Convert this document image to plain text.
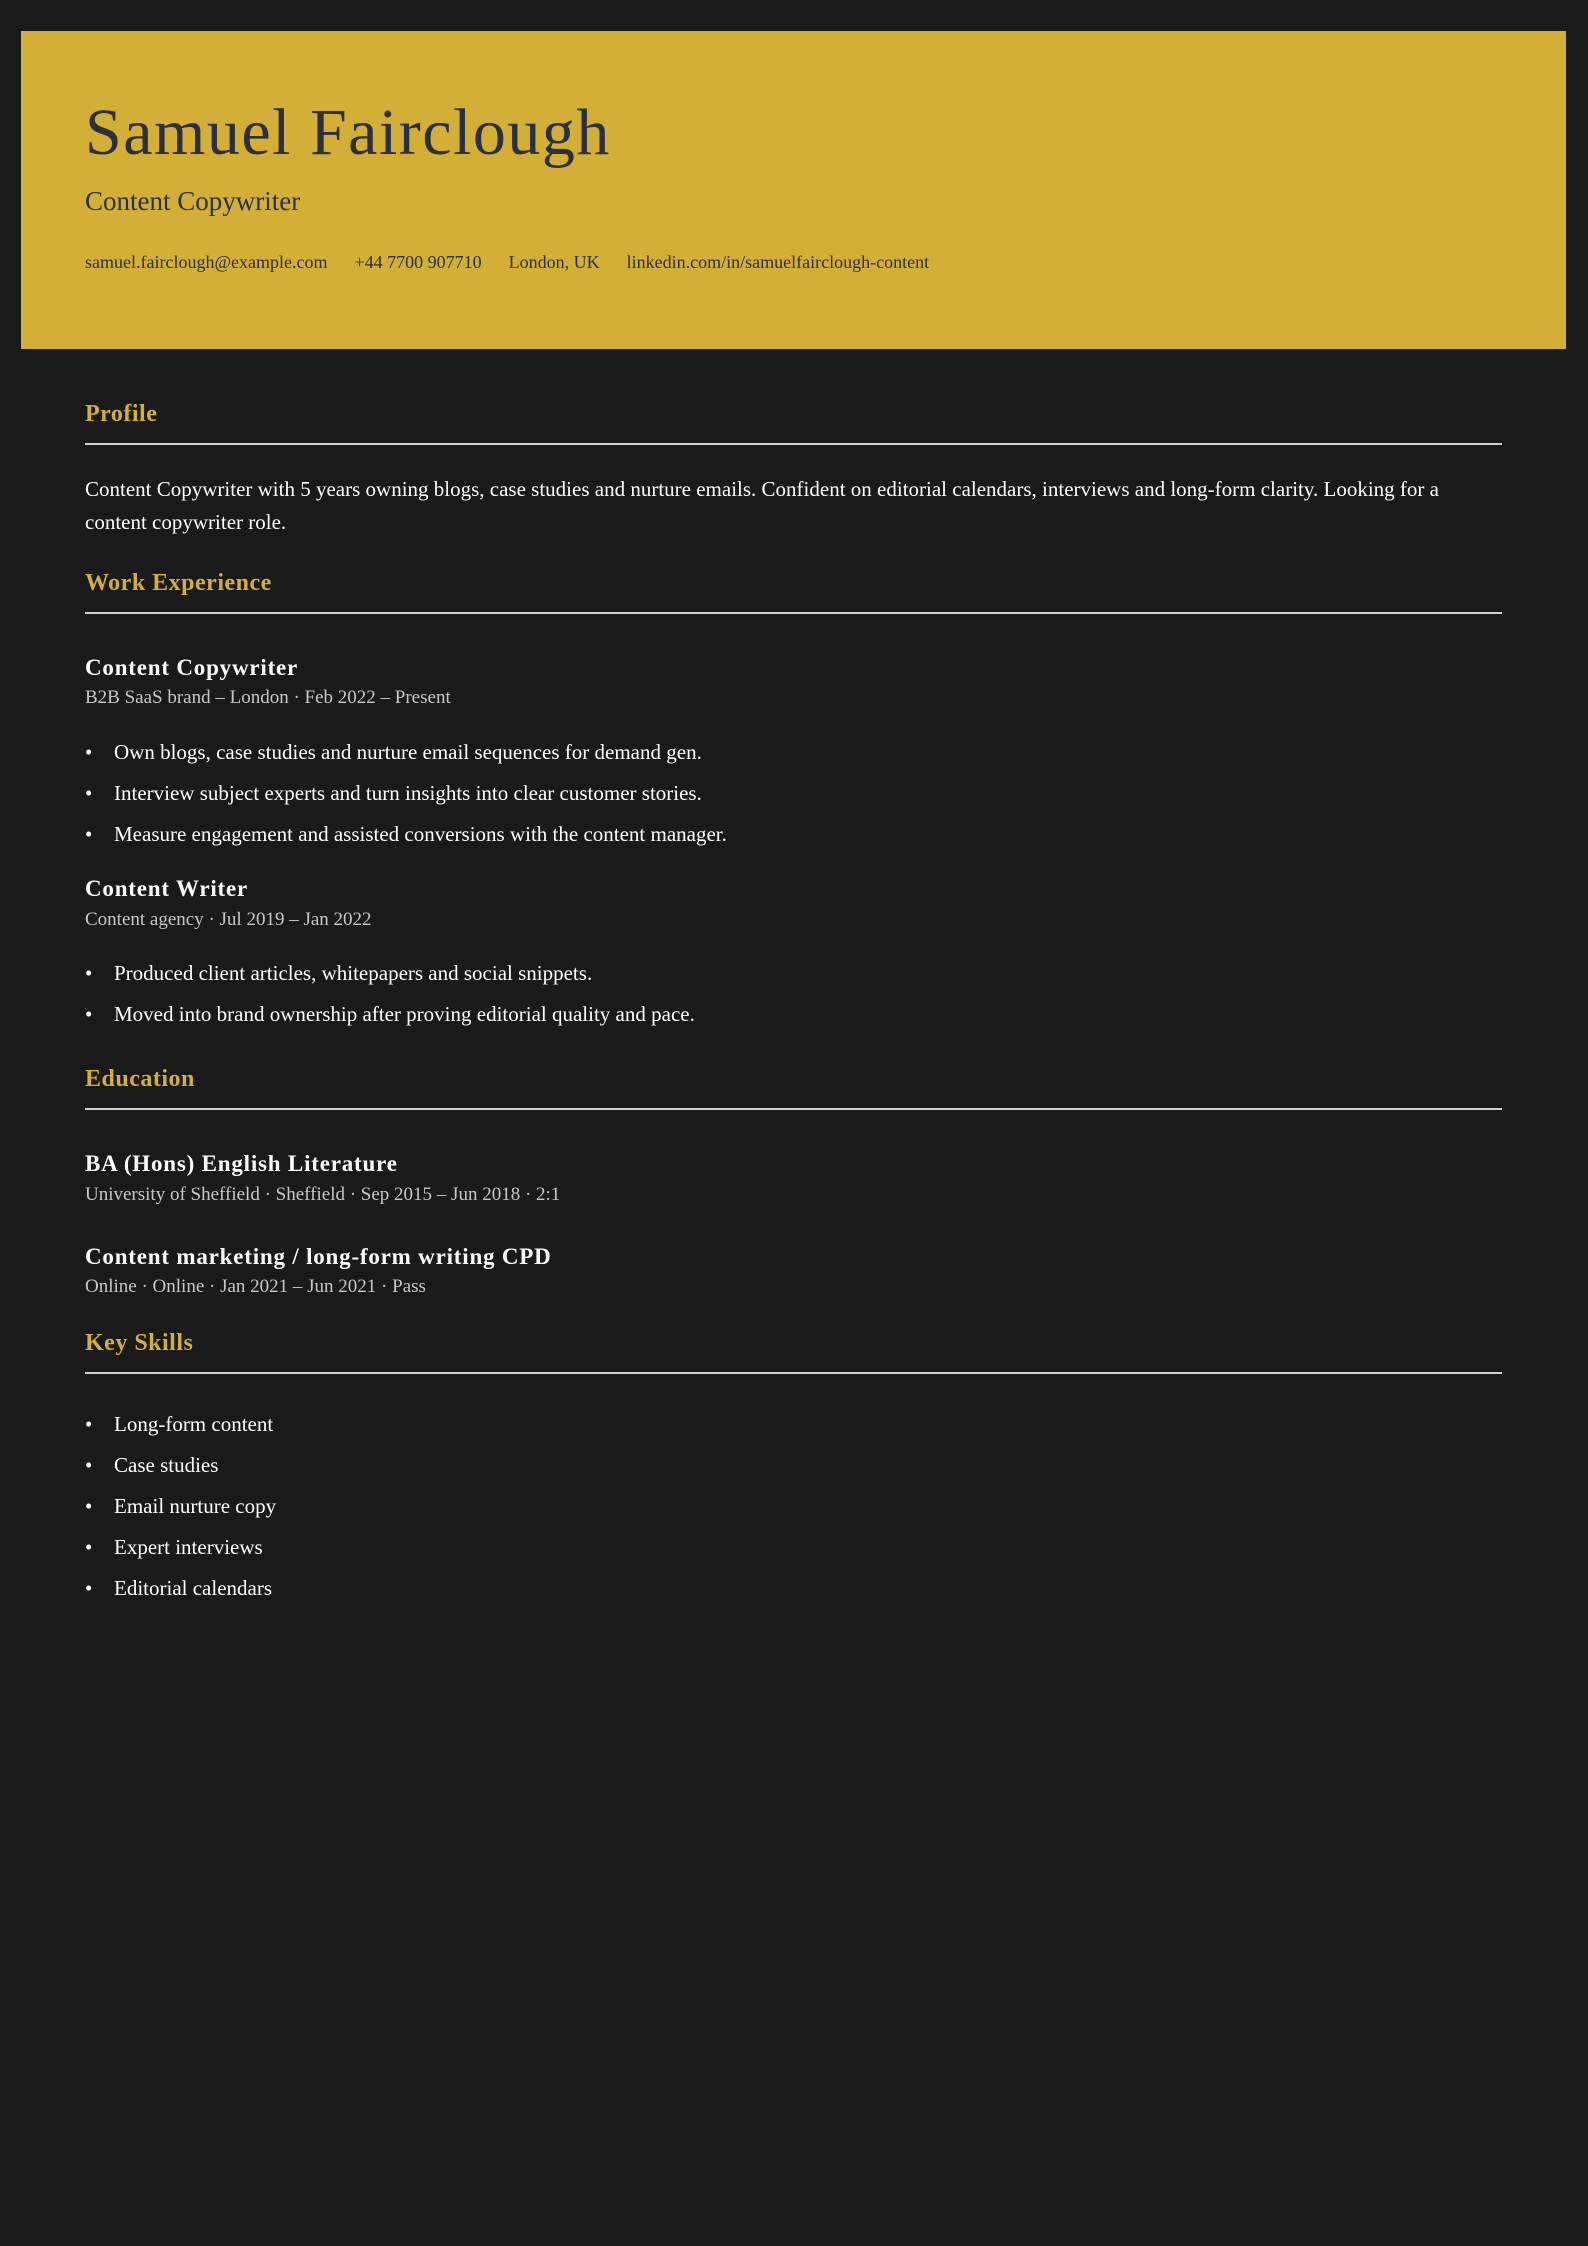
Samuel Fairclough
Content Copywriter
samuel.fairclough@example.com +44 7700 907710 London, UK linkedin.com/in/samuelfairclough-content
Profile

Content Copywriter with 5 years owning blogs, case studies and nurture emails. Confident on editorial calendars, interviews and long-form clarity. Looking for a content copywriter role.

Work Experience
Content Copywriter
B2B SaaS brand – London · Feb 2022 – Present
• Own blogs, case studies and nurture email sequences for demand gen.
• Interview subject experts and turn insights into clear customer stories.
• Measure engagement and assisted conversions with the content manager.
Content Writer
Content agency · Jul 2019 – Jan 2022
• Produced client articles, whitepapers and social snippets.
• Moved into brand ownership after proving editorial quality and pace.
Education
BA (Hons) English Literature
University of Sheffield · Sheffield · Sep 2015 – Jun 2018 · 2:1
Content marketing / long-form writing CPD
Online · Online · Jan 2021 – Jun 2021 · Pass
Key Skills
• Long-form content
• Case studies
• Email nurture copy
• Expert interviews
• Editorial calendars
